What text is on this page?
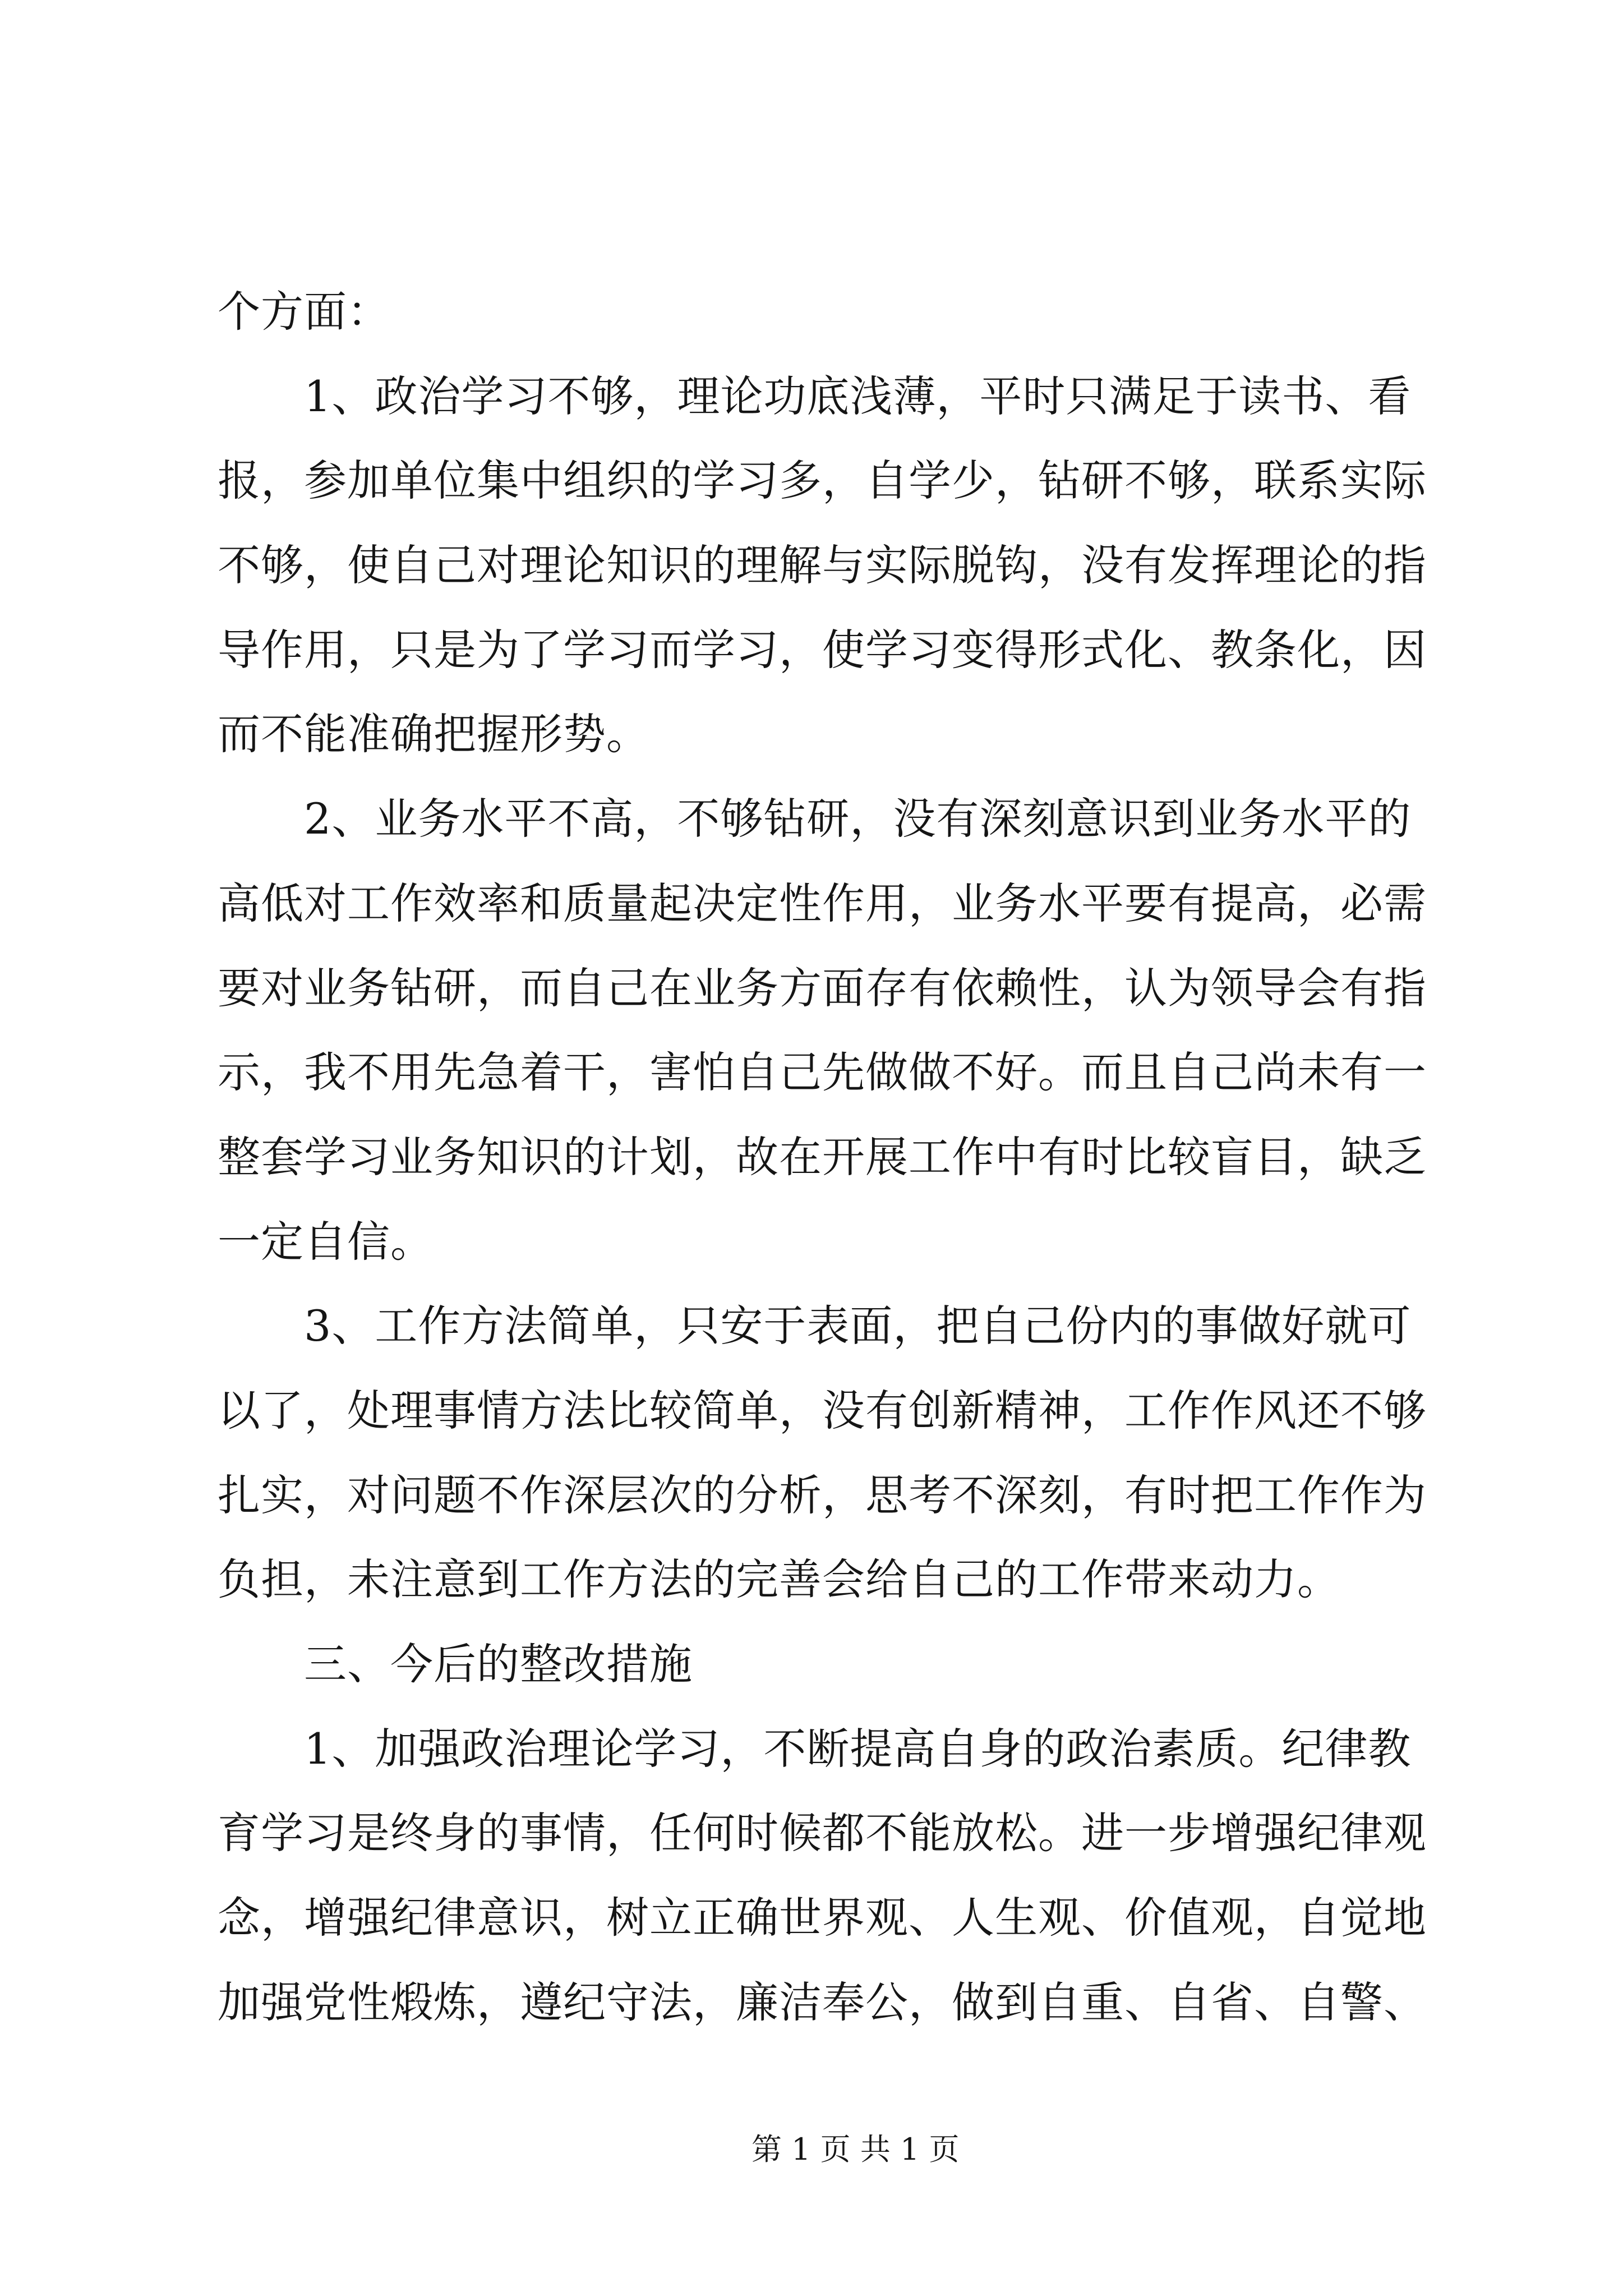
个方面：
1、政治学习不够，理论功底浅薄，平时只满足于读书、看
报，参加单位集中组织的学习多，自学少，钻研不够，联系实际
不够，使自己对理论知识的理解与实际脱钩，没有发挥理论的指
导作用，只是为了学习而学习，使学习变得形式化、教条化，因
而不能准确把握形势。
2、业务水平不高，不够钻研，没有深刻意识到业务水平的
高低对工作效率和质量起决定性作用，业务水平要有提高，必需
要对业务钻研，而自己在业务方面存有依赖性，认为领导会有指
示，我不用先急着干，害怕自己先做做不好。而且自己尚未有一
整套学习业务知识的计划，故在开展工作中有时比较盲目，缺乏
一定自信。
3、工作方法简单，只安于表面，把自己份内的事做好就可
以了，处理事情方法比较简单，没有创新精神，工作作风还不够
扎实，对问题不作深层次的分析，思考不深刻，有时把工作作为
负担，未注意到工作方法的完善会给自己的工作带来动力。
三、今后的整改措施
1、加强政治理论学习，不断提高自身的政治素质。纪律教
育学习是终身的事情，任何时候都不能放松。进一步增强纪律观
念，增强纪律意识，树立正确世界观、人生观、价值观，自觉地
加强党性煅炼，遵纪守法，廉洁奉公，做到自重、自省、自警、
第 1 页 共 1 页
